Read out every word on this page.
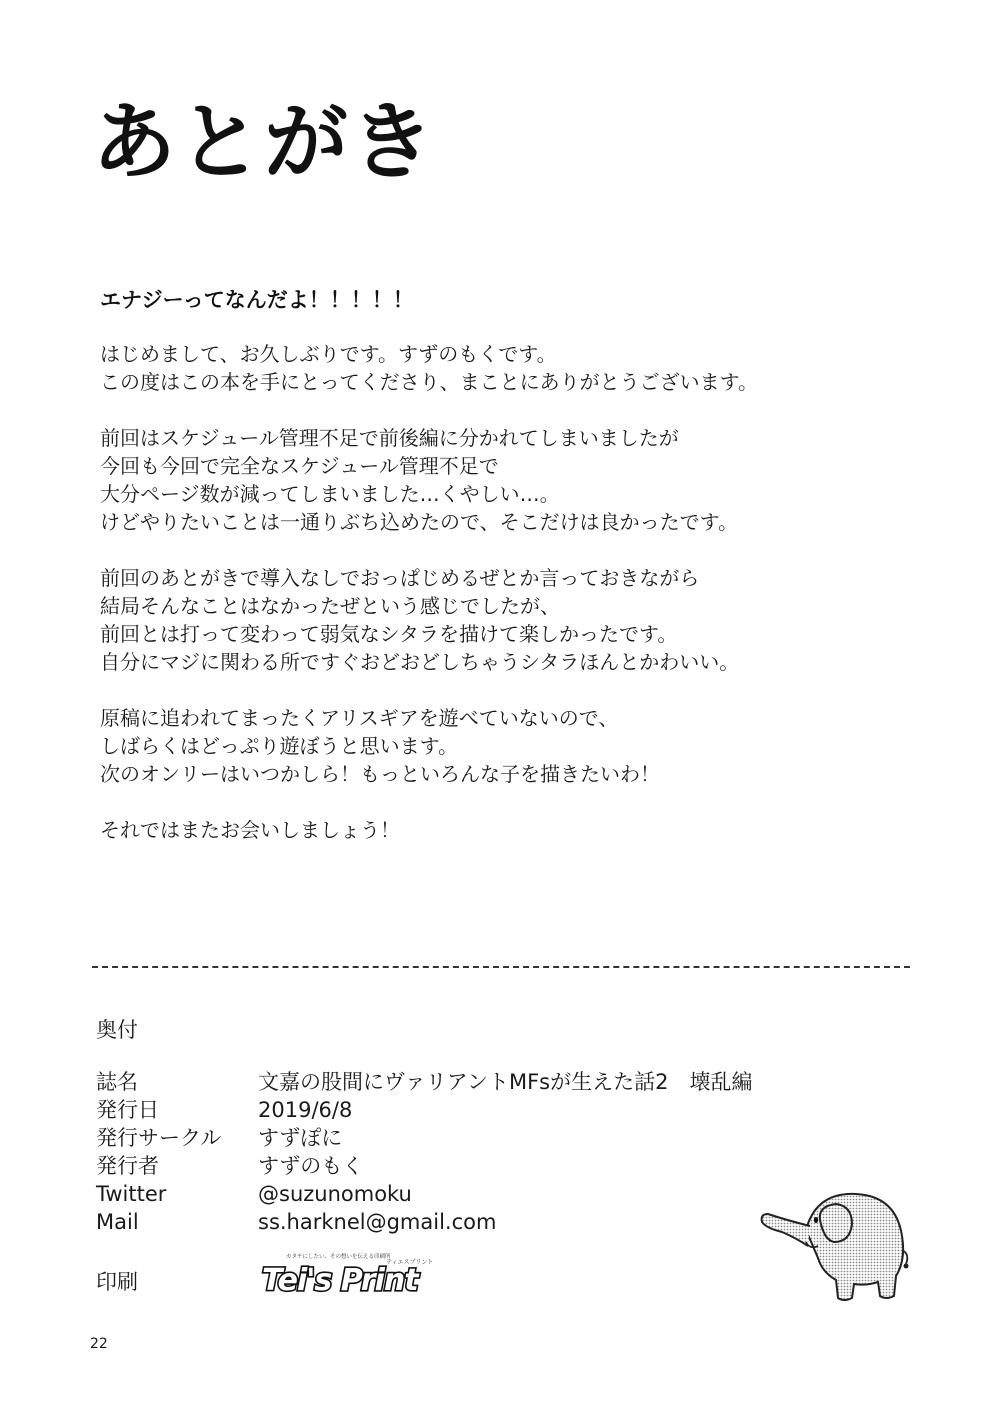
あとがき
エナジーってなんだよ！！！！！
はじめまして、お久しぶりです。すずのもくです。
この度はこの本を手にとってくださり、まことにありがとうございます。
前回はスケジュール管理不足で前後編に分かれてしまいましたが
今回も今回で完全なスケジュール管理不足で
大分ページ数が減ってしまいました…くやしい…。
けどやりたいことは一通りぶち込めたので、そこだけは良かったです。
前回のあとがきで導入なしでおっぱじめるぜとか言っておきながら
結局そんなことはなかったぜという感じでしたが、
前回とは打って変わって弱気なシタラを描けて楽しかったです。
自分にマジに関わる所ですぐおどおどしちゃうシタラほんとかわいい。
原稿に追われてまったくアリスギアを遊べていないので、
しばらくはどっぷり遊ぼうと思います。
次のオンリーはいつかしら！もっといろんな子を描きたいわ！
それではまたお会いしましょう！
奥付
誌名	文嘉の股間にヴァリアントMFsが生えた話2　壊乱編
発行日	2019/6/8
発行サークル	すずぽに
発行者	すずのもく
Twitter	@suzunomoku
Mail	ss.harknel@gmail.com
印刷
カタチにしたい、その想いを伝える印刷所
ティエスプリント
Tei's Print
22
